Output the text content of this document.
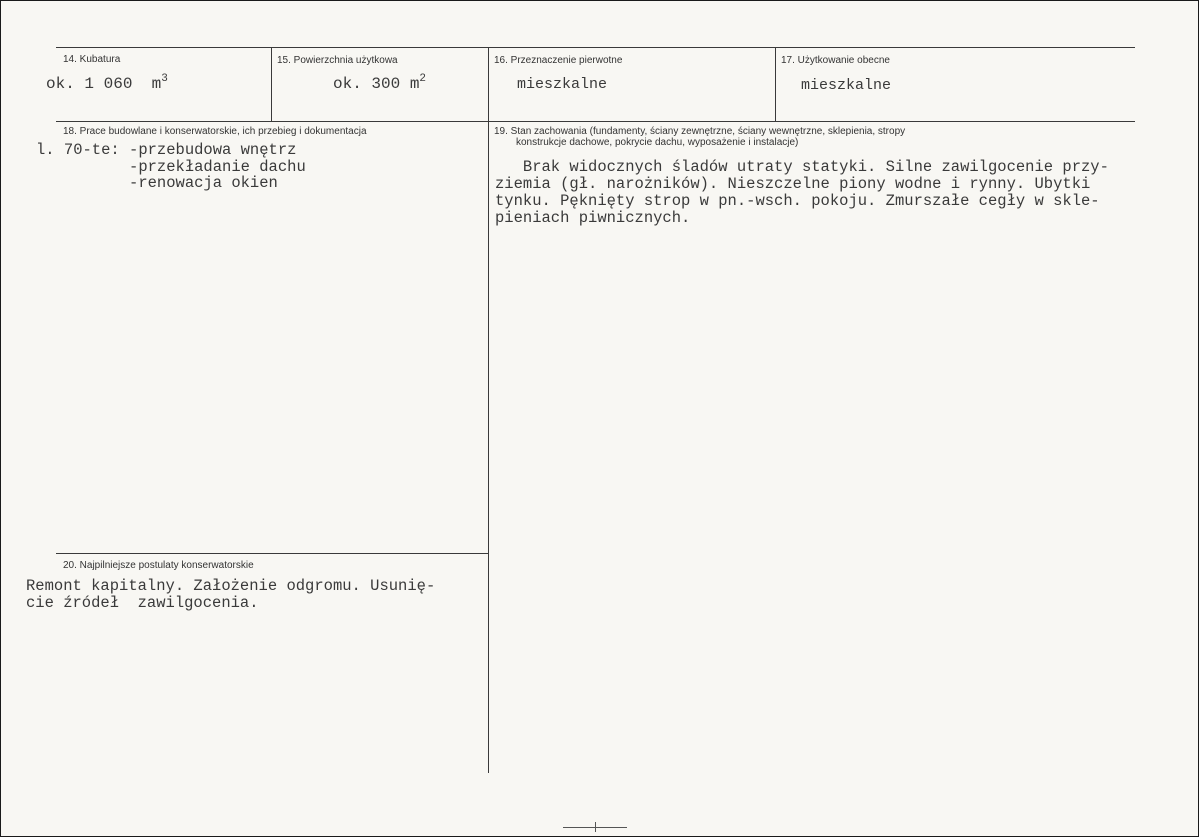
14. Kubatura
ok. 1 060  $m^3$
15. Powierzchnia użytkowa
ok. 300 $m^2$
16. Przeznaczenie pierwotne
mieszkalne
17. Użytkowanie obecne
mieszkalne
18. Prace budowlane i konserwatorskie, ich przebieg i dokumentacja
l. 70-te: -przebudowa wnętrz
-przekładanie dachu
-renowacja okien
19. Stan zachowania (fundamenty, ściany zewnętrzne, ściany wewnętrzne, sklepienia, stropy
konstrukcje dachowe, pokrycie dachu, wyposażenie i instalacje)
Brak widocznych śladów utraty statyki. Silne zawilgocenie przy-
ziemia (gł. narożników). Nieszczelne piony wodne i rynny. Ubytki
tynku. Pęknięty strop w pn.-wsch. pokoju. Zmurszałe cegły w skle-
pieniach piwnicznych.
20. Najpilniejsze postulaty konserwatorskie
Remont kapitalny. Założenie odgromu. Usunię-
cie źródeł  zawilgocenia.
